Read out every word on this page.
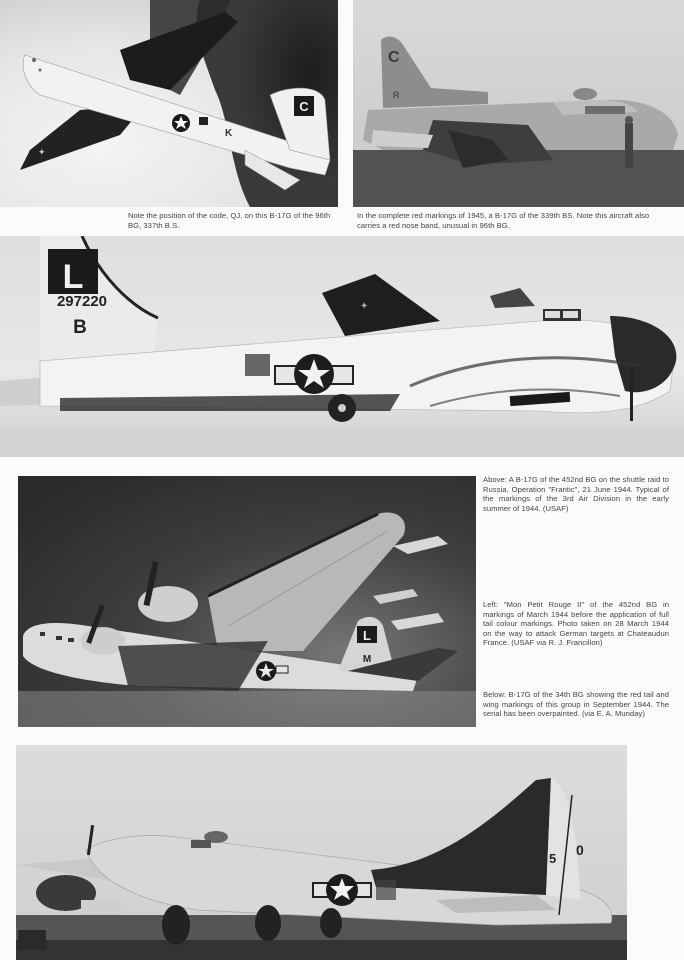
C
K
✦
C
R
Note the position of the code, QJ, on this B-17G of the 96th BG, 337th B.S.
In the complete red markings of 1945, a B-17G of the 339th BS. Note this aircraft also carries a red nose band, unusual in 96th BG.
L
297220
B
✦
L
M
Above: A B-17G of the 452nd BG on the shuttle raid to Russia, Operation "Frantic", 21 June 1944. Typical of the markings of the 3rd Air Division in the early summer of 1944. (USAF)
Left: "Mon Petit Rouge II" of the 452nd BG in markings of March 1944 before the application of full tail colour markings. Photo taken on 28 March 1944 on the way to attack German targets at Chateaudun France. (USAF via R. J. Francillon)
Below: B-17G of the 34th BG showing the red tail and wing markings of this group in September 1944. The serial has been overpainted. (via E. A. Munday)
5
0
